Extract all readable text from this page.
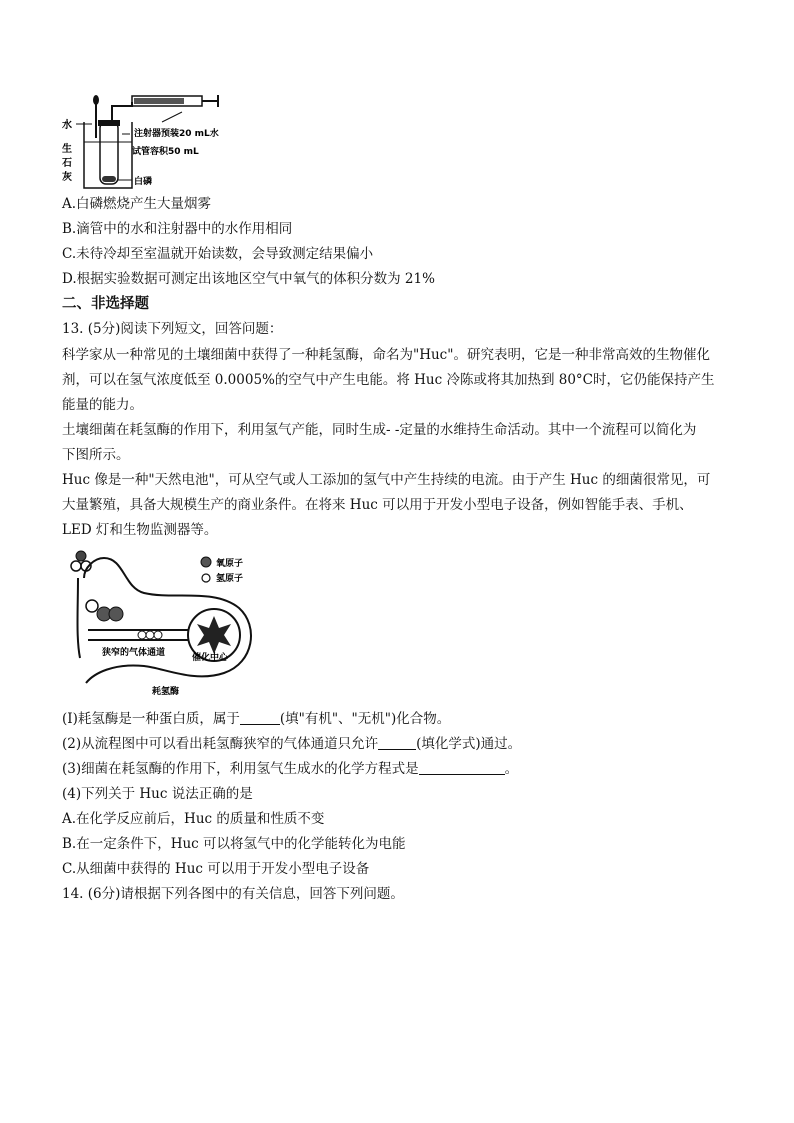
水
生
石
灰
注射器预装20 mL水
试管容积50 mL
白磷
A.白磷燃烧产生大量烟雾
B.滴管中的水和注射器中的水作用相同
C.未待冷却至室温就开始读数，会导致测定结果偏小
D.根据实验数据可测定出该地区空气中氧气的体积分数为 21%
二、非选择题
13. (5分)阅读下列短文，回答问题：
科学家从一种常见的土壤细菌中获得了一种耗氢酶，命名为"Huc"。研究表明，它是一种非常高效的生物催化
剂，可以在氢气浓度低至 0.0005%的空气中产生电能。将 Huc 冷陈或将其加热到 80°C时，它仍能保持产生
能量的能力。
土壤细菌在耗氢酶的作用下，利用氢气产能，同时生成- -定量的水维持生命活动。其中一个流程可以简化为
下图所示。
Huc 像是一种"天然电池"，可从空气或人工添加的氢气中产生持续的电流。由于产生 Huc 的细菌很常见，可
大量繁殖，具备大规模生产的商业条件。在将来 Huc 可以用于开发小型电子设备，例如智能手表、手机、
LED 灯和生物监测器等。
氧原子
氢原子
狭窄的气体通道	催化中心
耗氢酶
(I)耗氢酶是一种蛋白质，属于	(填"有机"、"无机")化合物。
(2)从流程图中可以看出耗氢酶狭窄的气体通道只允许	(填化学式)通过。
(3)细菌在耗氢酶的作用下，利用氢气生成水的化学方程式是	。
(4)下列关于 Huc 说法正确的是
A.在化学反应前后，Huc 的质量和性质不变
B.在一定条件下，Huc 可以将氢气中的化学能转化为电能
C.从细菌中获得的 Huc 可以用于开发小型电子设备
14. (6分)请根据下列各图中的有关信息，回答下列问题。
